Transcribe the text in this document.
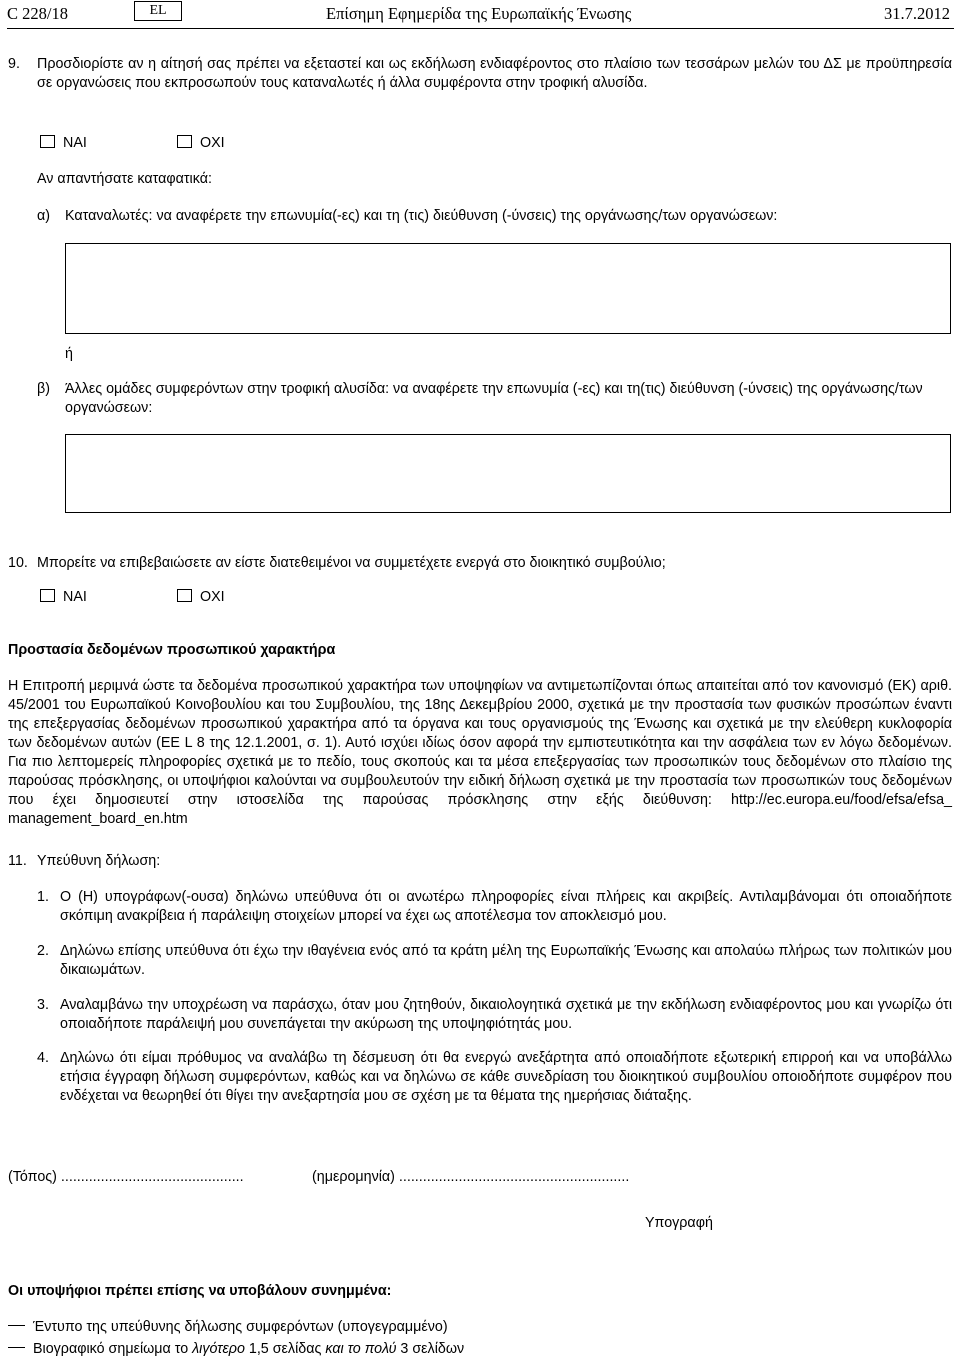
C 228/18	EL	Επίσημη Εφημερίδα της Ευρωπαϊκής Ένωσης	31.7.2012
9. Προσδιορίστε αν η αίτησή σας πρέπει να εξεταστεί και ως εκδήλωση ενδιαφέροντος στο πλαίσιο των τεσσάρων μελών του ΔΣ με προϋπηρεσία σε οργανώσεις που εκπροσωπούν τους καταναλωτές ή άλλα συμφέροντα στην τροφική αλυσίδα.
ΝΑΙ	ΟΧΙ
Αν απαντήσατε καταφατικά:
α) Καταναλωτές: να αναφέρετε την επωνυμία(-ες) και τη (τις) διεύθυνση (-ύνσεις) της οργάνωσης/των οργανώσεων:
ή
β) Άλλες ομάδες συμφερόντων στην τροφική αλυσίδα: να αναφέρετε την επωνυμία (-ες) και τη(τις) διεύθυνση (-ύνσεις) της οργάνωσης/των οργανώσεων:
10. Μπορείτε να επιβεβαιώσετε αν είστε διατεθειμένοι να συμμετέχετε ενεργά στο διοικητικό συμβούλιο;
ΝΑΙ	ΟΧΙ
Προστασία δεδομένων προσωπικού χαρακτήρα
Η Επιτροπή μεριμνά ώστε τα δεδομένα προσωπικού χαρακτήρα των υποψηφίων να αντιμετωπίζονται όπως απαιτείται από τον κανονισμό (ΕΚ) αριθ. 45/2001 του Ευρωπαϊκού Κοινοβουλίου και του Συμβουλίου, της 18ης Δεκεμβρίου 2000, σχετικά με την προστασία των φυσικών προσώπων έναντι της επεξεργασίας δεδομένων προσωπικού χαρακτήρα από τα όργανα και τους οργανισμούς της Ένωσης και σχετικά με την ελεύθερη κυκλοφορία των δεδομένων αυτών (ΕΕ L 8 της 12.1.2001, σ. 1). Αυτό ισχύει ιδίως όσον αφορά την εμπιστευτικότητα και την ασφάλεια των εν λόγω δεδομένων. Για πιο λεπτομερείς πληροφορίες σχετικά με το πεδίο, τους σκοπούς και τα μέσα επεξεργασίας των προσωπικών τους δεδομένων στο πλαίσιο της παρούσας πρόσκλησης, οι υποψήφιοι καλούνται να συμβουλευτούν την ειδική δήλωση σχετικά με την προστασία των προσωπικών τους δεδομένων που έχει δημοσιευτεί στην ιστοσελίδα της παρούσας πρόσκλησης στην εξής διεύθυνση: http://ec.europa.eu/food/efsa/efsa_ management_board_en.htm
11. Υπεύθυνη δήλωση:
1. Ο (Η) υπογράφων(-ουσα) δηλώνω υπεύθυνα ότι οι ανωτέρω πληροφορίες είναι πλήρεις και ακριβείς. Αντιλαμβάνομαι ότι οποιαδήποτε σκόπιμη ανακρίβεια ή παράλειψη στοιχείων μπορεί να έχει ως αποτέλεσμα τον αποκλεισμό μου.
2. Δηλώνω επίσης υπεύθυνα ότι έχω την ιθαγένεια ενός από τα κράτη μέλη της Ευρωπαϊκής Ένωσης και απολαύω πλήρως των πολιτικών μου δικαιωμάτων.
3. Αναλαμβάνω την υποχρέωση να παράσχω, όταν μου ζητηθούν, δικαιολογητικά σχετικά με την εκδήλωση ενδιαφέροντος μου και γνωρίζω ότι οποιαδήποτε παράλειψή μου συνεπάγεται την ακύρωση της υποψηφιότητάς μου.
4. Δηλώνω ότι είμαι πρόθυμος να αναλάβω τη δέσμευση ότι θα ενεργώ ανεξάρτητα από οποιαδήποτε εξωτερική επιρροή και να υποβάλλω ετήσια έγγραφη δήλωση συμφερόντων, καθώς και να δηλώνω σε κάθε συνεδρίαση του διοικητικού συμβουλίου οποιοδήποτε συμφέρον που ενδέχεται να θεωρηθεί ότι θίγει την ανεξαρτησία μου σε σχέση με τα θέματα της ημερήσιας διάταξης.
(Τόπος) ..............................................	(ημερομηνία) ..........................................................
Υπογραφή
Οι υποψήφιοι πρέπει επίσης να υποβάλουν συνημμένα:
Έντυπο της υπεύθυνης δήλωσης συμφερόντων (υπογεγραμμένο)
Βιογραφικό σημείωμα το λιγότερο 1,5 σελίδας και το πολύ 3 σελίδων
